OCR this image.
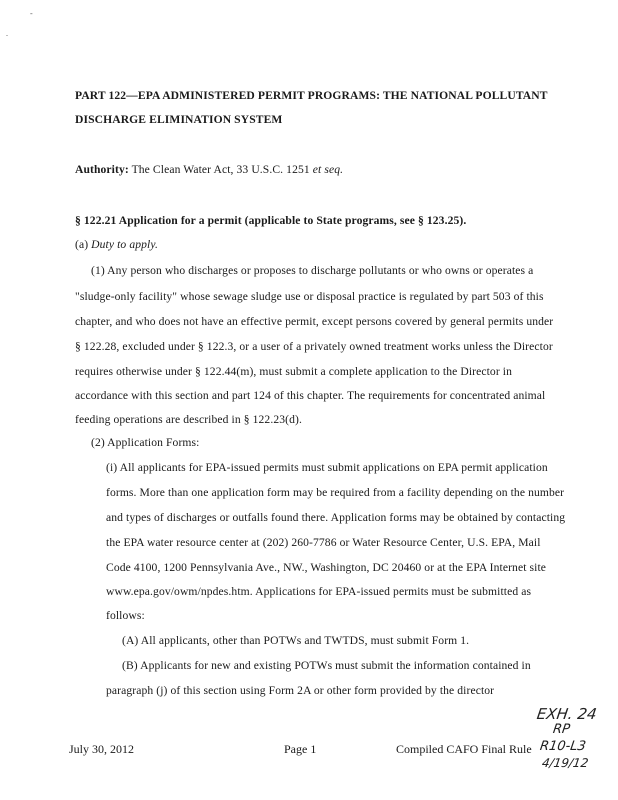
-
.
PART 122—EPA ADMINISTERED PERMIT PROGRAMS: THE NATIONAL POLLUTANT
DISCHARGE ELIMINATION SYSTEM
Authority: The Clean Water Act, 33 U.S.C. 1251 et seq.
§ 122.21 Application for a permit (applicable to State programs, see § 123.25).
(a) Duty to apply.
(1) Any person who discharges or proposes to discharge pollutants or who owns or operates a
"sludge-only facility" whose sewage sludge use or disposal practice is regulated by part 503 of this
chapter, and who does not have an effective permit, except persons covered by general permits under
§ 122.28, excluded under § 122.3, or a user of a privately owned treatment works unless the Director
requires otherwise under § 122.44(m), must submit a complete application to the Director in
accordance with this section and part 124 of this chapter. The requirements for concentrated animal
feeding operations are described in § 122.23(d).
(2) Application Forms:
(i) All applicants for EPA-issued permits must submit applications on EPA permit application
forms. More than one application form may be required from a facility depending on the number
and types of discharges or outfalls found there. Application forms may be obtained by contacting
the EPA water resource center at (202) 260-7786 or Water Resource Center, U.S. EPA, Mail
Code 4100, 1200 Pennsylvania Ave., NW., Washington, DC 20460 or at the EPA Internet site
www.epa.gov/owm/npdes.htm. Applications for EPA-issued permits must be submitted as
follows:
(A) All applicants, other than POTWs and TWTDS, must submit Form 1.
(B) Applicants for new and existing POTWs must submit the information contained in
paragraph (j) of this section using Form 2A or other form provided by the director
July 30, 2012	Page 1	Compiled CAFO Final Rule
EXH. 24
RP
R10-L3
4/19/12
